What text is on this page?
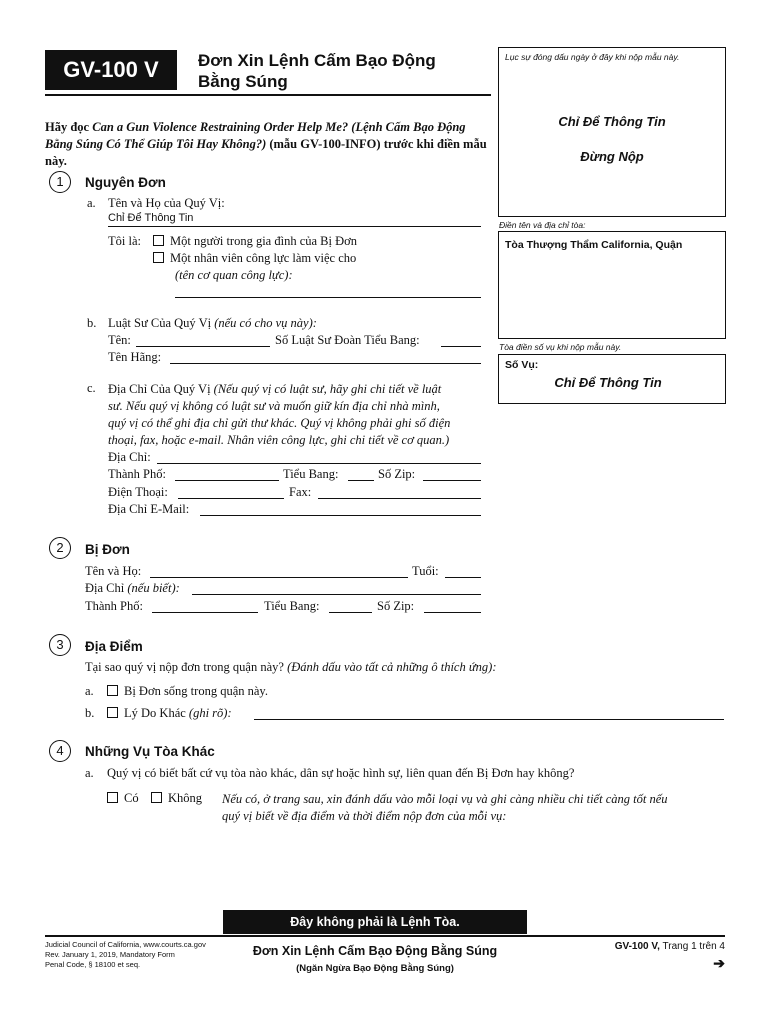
GV-100 V	Đơn Xin Lệnh Cấm Bạo Động
Bằng Súng
Lục sự đóng dấu ngày ở đây khi nộp mẫu này.
Chỉ Để Thông Tin
Đừng Nộp
Điền tên và địa chỉ tòa:
Tòa Thượng Thẩm California, Quận
Tòa điền số vụ khi nộp mẫu này.
Số Vụ:
Chỉ Để Thông Tin
Hãy đọc Can a Gun Violence Restraining Order Help Me? (Lệnh Cấm Bạo Động Bằng Súng Có Thể Giúp Tôi Hay Không?) (mẫu GV-100-INFO) trước khi điền mẫu này.
1	Nguyên Đơn
a. Tên và Họ của Quý Vị:
Chỉ Để Thông Tin
Tôi là:	Một người trong gia đình của Bị Đơn
Một nhân viên công lực làm việc cho
(tên cơ quan công lực):
b. Luật Sư Của Quý Vị (nếu có cho vụ này):
Tên:	Số Luật Sư Đoàn Tiểu Bang:
Tên Hãng:
c. Địa Chỉ Của Quý Vị (Nếu quý vị có luật sư, hãy ghi chi tiết về luật
sư. Nếu quý vị không có luật sư và muốn giữ kín địa chỉ nhà mình,
quý vị có thể ghi địa chỉ gửi thư khác. Quý vị không phải ghi số điện
thoại, fax, hoặc e-mail. Nhân viên công lực, ghi chi tiết về cơ quan.)
Địa Chỉ:
Thành Phố:	Tiểu Bang:	Số Zip:
Điện Thoại:	Fax:
Địa Chỉ E-Mail:
2	Bị Đơn
Tên và Họ:	Tuổi:
Địa Chỉ (nếu biết):
Thành Phố:	Tiểu Bang:	Số Zip:
3	Địa Điểm
Tại sao quý vị nộp đơn trong quận này? (Đánh dấu vào tất cả những ô thích ứng):
a.	Bị Đơn sống trong quận này.
b.	Lý Do Khác (ghi rõ):
4	Những Vụ Tòa Khác
a. Quý vị có biết bất cứ vụ tòa nào khác, dân sự hoặc hình sự, liên quan đến Bị Đơn hay không?
Có	Không Nếu có, ở trang sau, xin đánh dấu vào mỗi loại vụ và ghi càng nhiều chi tiết càng tốt nếu
quý vị biết về địa điểm và thời điểm nộp đơn của mỗi vụ:
Đây không phải là Lệnh Tòa.
Judicial Council of California, www.courts.ca.gov
Rev. January 1, 2019, Mandatory Form
Penal Code, § 18100 et seq.
Đơn Xin Lệnh Cấm Bạo Động Bằng Súng
(Ngăn Ngừa Bạo Động Bằng Súng)
GV-100 V, Trang 1 trên 4
➔
